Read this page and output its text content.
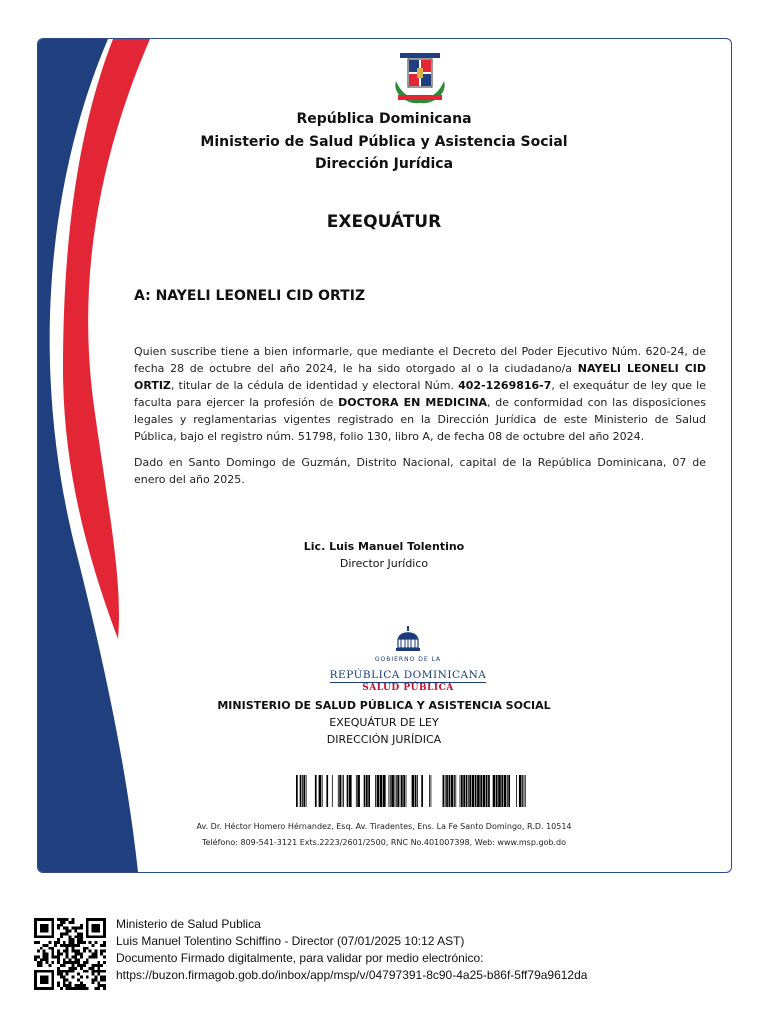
República Dominicana
Ministerio de Salud Pública y Asistencia Social
Dirección Jurídica
EXEQUÁTUR
A: NAYELI LEONELI CID ORTIZ
Quien suscribe tiene a bien informarle, que mediante el Decreto del Poder Ejecutivo Núm. 620-24, de fecha 28 de octubre del año 2024, le ha sido otorgado al o la ciudadano/a NAYELI LEONELI CID ORTIZ, titular de la cédula de identidad y electoral Núm. 402-1269816-7, el exequátur de ley que le faculta para ejercer la profesión de DOCTORA EN MEDICINA, de conformidad con las disposiciones legales y reglamentarias vigentes registrado en la Dirección Jurídica de este Ministerio de Salud Pública, bajo el registro núm. 51798, folio 130, libro A, de fecha 08 de octubre del año 2024.
Dado en Santo Domingo de Guzmán, Distrito Nacional, capital de la República Dominicana, 07 de enero del año 2025.
Lic. Luis Manuel Tolentino
Director Jurídico
GOBIERNO DE LA
REPÚBLICA DOMINICANA
SALUD PÚBLICA
MINISTERIO DE SALUD PÚBLICA Y ASISTENCIA SOCIAL
EXEQUÁTUR DE LEY
DIRECCIÓN JURÍDICA
Av. Dr. Héctor Homero Hérnandez, Esq. Av. Tiradentes, Ens. La Fe Santo Domingo, R.D. 10514
Teléfono: 809-541-3121 Exts.2223/2601/2500, RNC No.401007398, Web: www.msp.gob.do
Ministerio de Salud Publica
Luis Manuel Tolentino Schiffino - Director (07/01/2025 10:12 AST)
Documento Firmado digitalmente, para validar por medio electrónico:
https://buzon.firmagob.gob.do/inbox/app/msp/v/04797391-8c90-4a25-b86f-5ff79a9612da
